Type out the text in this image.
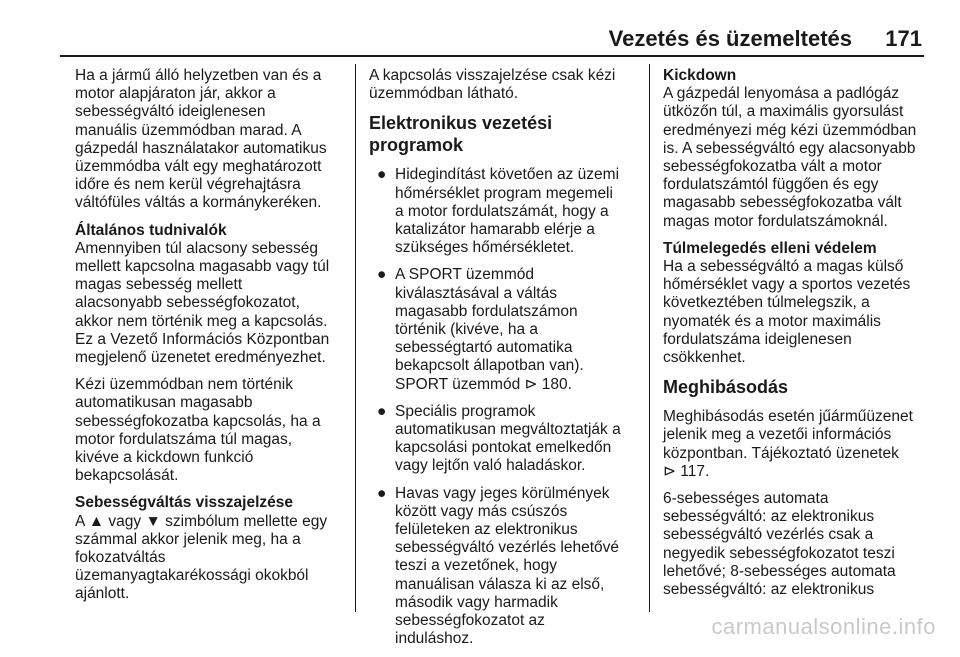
Vezetés és üzemeltetés 171

Ha a jármű álló helyzetben van és a
motor alapjáraton jár, akkor a
sebességváltó ideiglenesen
manuális üzemmódban marad. A
gázpedál használatakor automatikus
üzemmódba vált egy meghatározott
időre és nem kerül végrehajtásra
váltófüles váltás a kormánykeréken.

Általános tudnivalók

Amennyiben túl alacsony sebesség
mellett kapcsolna magasabb vagy túl
magas sebesség mellett
alacsonyabb sebességfokozatot,
akkor nem történik meg a kapcsolás.
Ez a Vezető Információs Központban
megjelenő üzenetet eredményezhet.

Kézi üzemmódban nem történik
automatikusan magasabb
sebességfokozatba kapcsolás, ha a
motor fordulatszáma túl magas,
kivéve a kickdown funkció
bekapcsolását.

Sebességváltás visszajelzése

A ▲ vagy ▼ szimbólum mellette egy
számmal akkor jelenik meg, ha a
fokozatváltás
üzemanyagtakarékossági okokból
ajánlott.

A kapcsolás visszajelzése csak kézi
üzemmódban látható.

Elektronikus vezetési programok
● Hidegindítást követően az üzemi
hőmérséklet program megemeli
a motor fordulatszámát, hogy a
katalizátor hamarabb elérje a
szükséges hőmérsékletet.
● A SPORT üzemmód
kiválasztásával a váltás
magasabb fordulatszámon
történik (kivéve, ha a
sebességtartó automatika
bekapcsolt állapotban van).
SPORT üzemmód ⊳ 180.
● Speciális programok
automatikusan megváltoztatják a
kapcsolási pontokat emelkedőn
vagy lejtőn való haladáskor.
● Havas vagy jeges körülmények
között vagy más csúszós
felületeken az elektronikus
sebességváltó vezérlés lehetővé
teszi a vezetőnek, hogy
manuálisan válasza ki az első,
második vagy harmadik
sebességfokozatot az
induláshoz.
Kickdown

A gázpedál lenyomása a padlógáz
ütközőn túl, a maximális gyorsulást
eredményezi még kézi üzemmódban
is. A sebességváltó egy alacsonyabb
sebességfokozatba vált a motor
fordulatszámtól függően és egy
magasabb sebességfokozatba vált
magas motor fordulatszámoknál.

Túlmelegedés elleni védelem

Ha a sebességváltó a magas külső
hőmérséklet vagy a sportos vezetés
következtében túlmelegszik, a
nyomaték és a motor maximális
fordulatszáma ideiglenesen
csökkenhet.

Meghibásodás

Meghibásodás esetén jűárműüzenet
jelenik meg a vezetői információs
központban. Tájékoztató üzenetek
⊳ 117.

6-sebességes automata
sebességváltó: az elektronikus
sebességváltó vezérlés csak a
negyedik sebességfokozatot teszi
lehetővé; 8-sebességes automata
sebességváltó: az elektronikus

carmanualsonline.info
